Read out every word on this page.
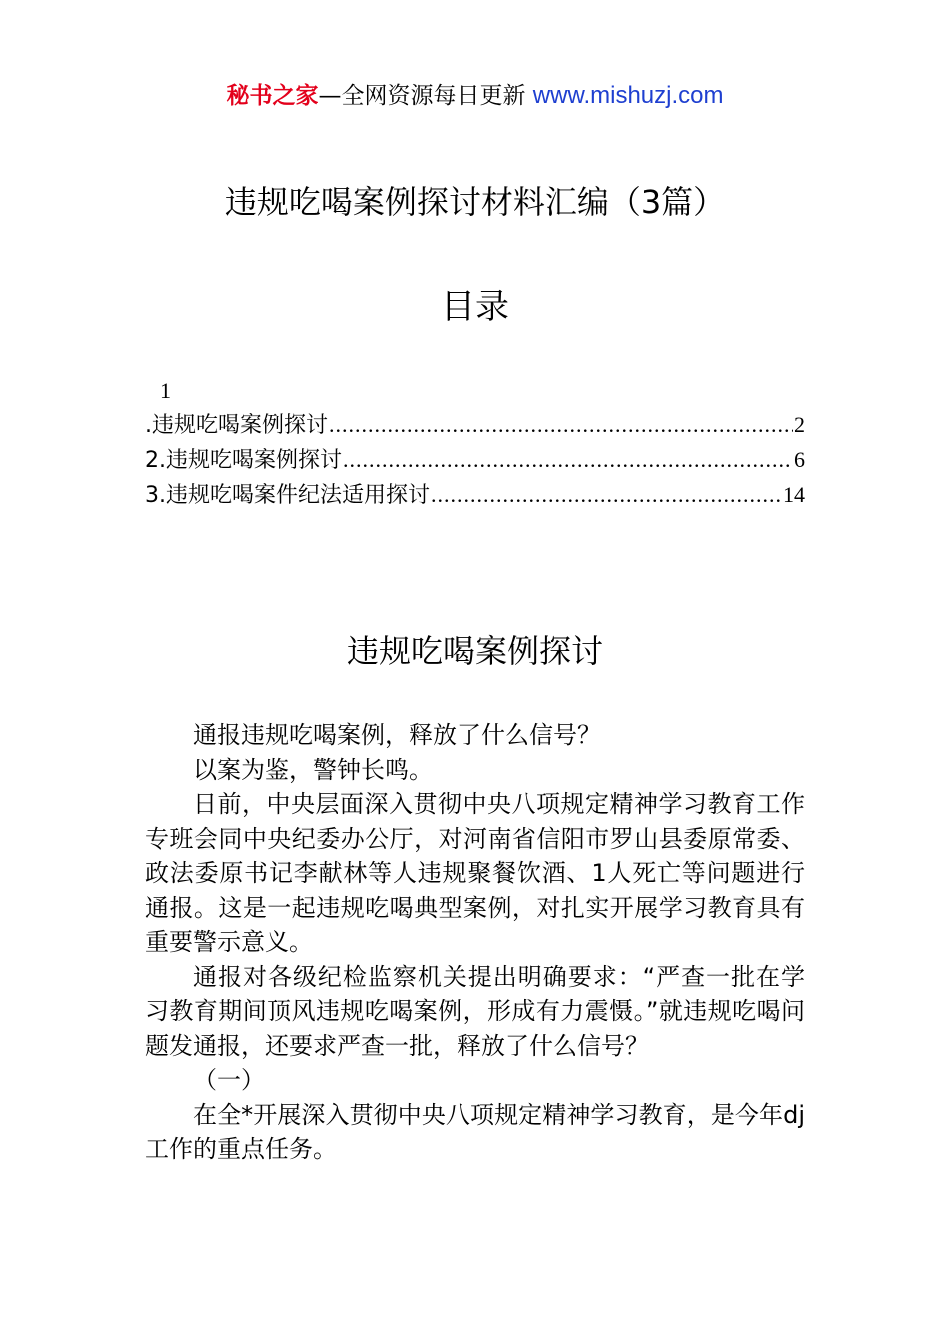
秘书之家—全网资源每日更新 www.mishuzj.com
违规吃喝案例探讨材料汇编（3篇）
目录
1
.违规吃喝案例探讨 .....	2
2.违规吃喝案例探讨 .....	6
3.违规吃喝案件纪法适用探讨 .....	14
违规吃喝案例探讨

通报违规吃喝案例，释放了什么信号？

以案为鉴，警钟长鸣。

日前，中央层面深入贯彻中央八项规定精神学习教育工作专班会同中央纪委办公厅，对河南省信阳市罗山县委原常委、政法委原书记李献林等人违规聚餐饮酒、1人死亡等问题进行通报。这是一起违规吃喝典型案例，对扎实开展学习教育具有重要警示意义。

通报对各级纪检监察机关提出明确要求：“严查一批在学习教育期间顶风违规吃喝案例，形成有力震慑。”就违规吃喝问题发通报，还要求严查一批，释放了什么信号？

（一）

在全*开展深入贯彻中央八项规定精神学习教育，是今年dj工作的重点任务。
